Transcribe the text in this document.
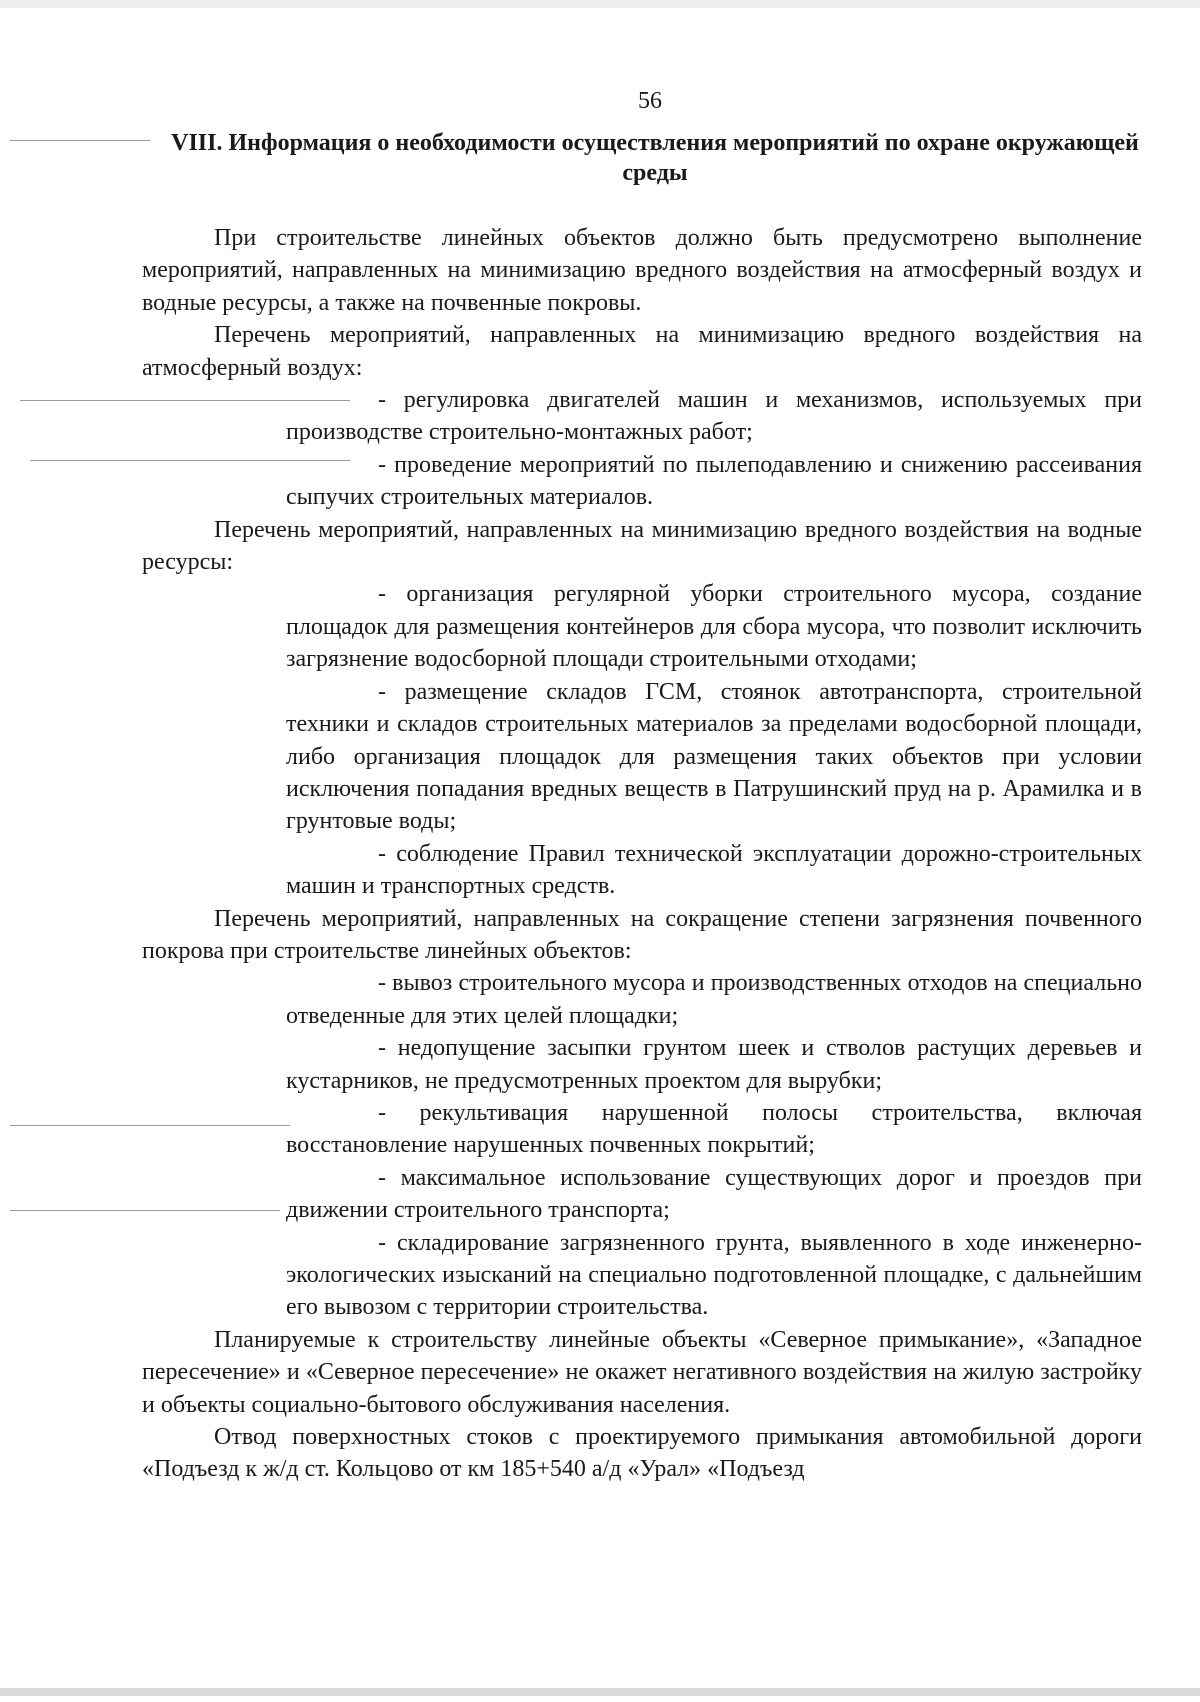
56
VIII. Информация о необходимости осуществления мероприятий по охране окружающей среды

При строительстве линейных объектов должно быть предусмотрено выполнение мероприятий, направленных на минимизацию вредного воздействия на атмосферный воздух и водные ресурсы, а также на почвенные покровы.

Перечень мероприятий, направленных на минимизацию вредного воздействия на атмосферный воздух:

- регулировка двигателей машин и механизмов, используемых при производстве строительно-монтажных работ;

- проведение мероприятий по пылеподавлению и снижению рассеивания сыпучих строительных материалов.

Перечень мероприятий, направленных на минимизацию вредного воздействия на водные ресурсы:

- организация регулярной уборки строительного мусора, создание площадок для размещения контейнеров для сбора мусора, что позволит исключить загрязнение водосборной площади строительными отходами;

- размещение складов ГСМ, стоянок автотранспорта, строительной техники и складов строительных материалов за пределами водосборной площади, либо организация площадок для размещения таких объектов при условии исключения попадания вредных веществ в Патрушинский пруд на р. Арамилка и в грунтовые воды;

- соблюдение Правил технической эксплуатации дорожно-строительных машин и транспортных средств.

Перечень мероприятий, направленных на сокращение степени загрязнения почвенного покрова при строительстве линейных объектов:

- вывоз строительного мусора и производственных отходов на специально отведенные для этих целей площадки;

- недопущение засыпки грунтом шеек и стволов растущих деревьев и кустарников, не предусмотренных проектом для вырубки;

- рекультивация нарушенной полосы строительства, включая восстановление нарушенных почвенных покрытий;

- максимальное использование существующих дорог и проездов при движении строительного транспорта;

- складирование загрязненного грунта, выявленного в ходе инженерно-экологических изысканий на специально подготовленной площадке, с дальнейшим его вывозом с территории строительства.

Планируемые к строительству линейные объекты «Северное примыкание», «Западное пересечение» и «Северное пересечение» не окажет негативного воздействия на жилую застройку и объекты социально-бытового обслуживания населения.

Отвод поверхностных стоков с проектируемого примыкания автомобильной дороги «Подъезд к ж/д ст. Кольцово от км 185+540 а/д «Урал» «Подъезд
